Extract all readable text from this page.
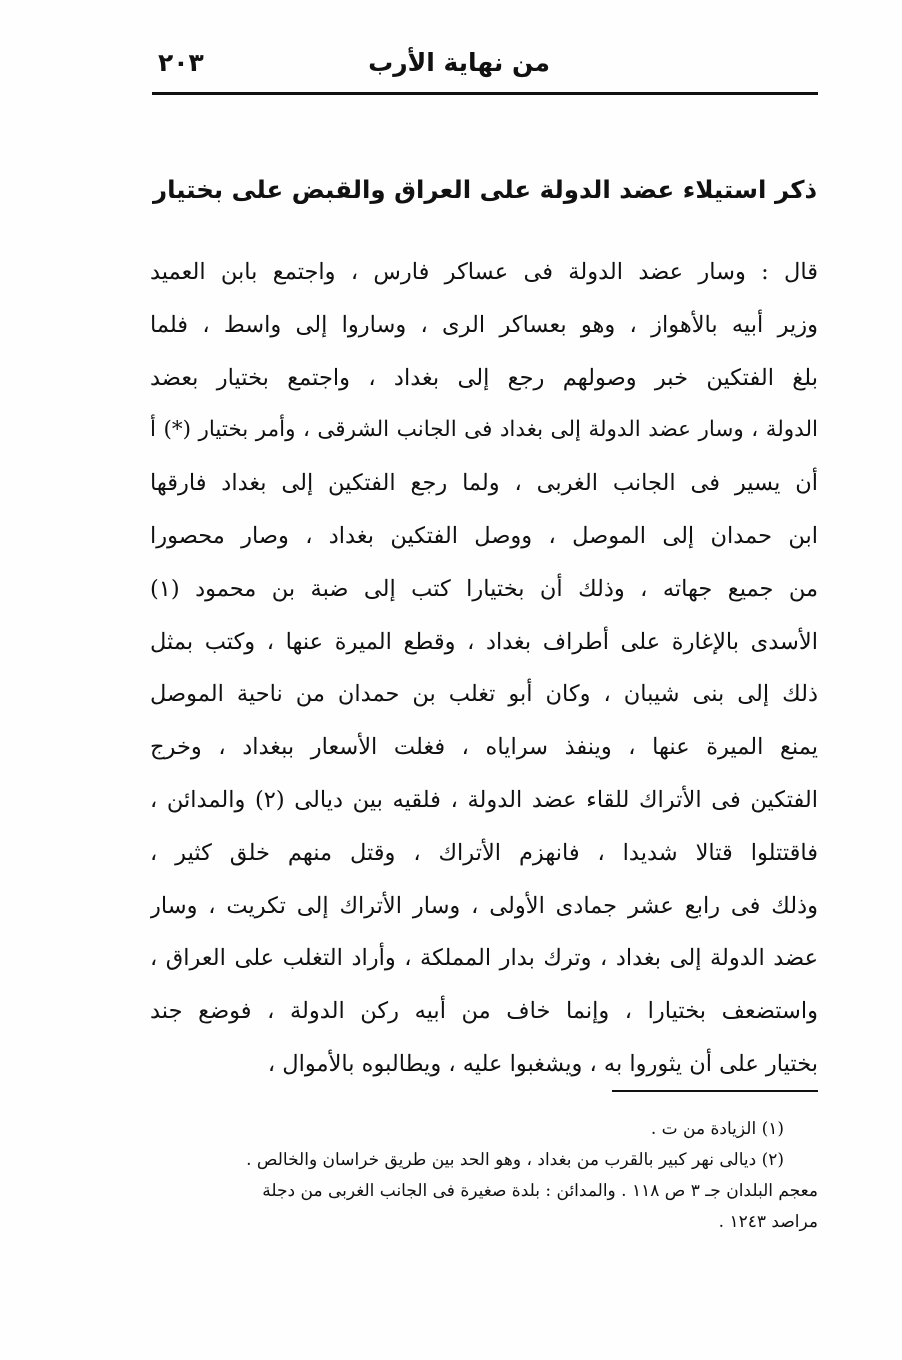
من نهاية الأرب
٢٠٣
ذكر استيلاء عضد الدولة على العراق والقبض على بختيار
قال : وسار عضد الدولة فى عساكر فارس ، واجتمع بابن العميد
وزير أبيه بالأهواز ، وهو بعساكر الرى ، وساروا إلى واسط ، فلما
بلغ الفتكين خبر وصولهم رجع إلى بغداد ، واجتمع بختيار بعضد
الدولة ، وسار عضد الدولة إلى بغداد فى الجانب الشرقى ، وأمر بختيار (*) أ
أن يسير فى الجانب الغربى ، ولما رجع الفتكين إلى بغداد فارقها
ابن حمدان إلى الموصل ، ووصل الفتكين بغداد ، وصار محصورا
من جميع جهاته ، وذلك أن بختيارا كتب إلى ضبة بن محمود (١)
الأسدى بالإغارة على أطراف بغداد ، وقطع الميرة عنها ، وكتب بمثل
ذلك إلى بنى شيبان ، وكان أبو تغلب بن حمدان من ناحية الموصل
يمنع الميرة عنها ، وينفذ سراياه ، فغلت الأسعار ببغداد ، وخرج
الفتكين فى الأتراك للقاء عضد الدولة ، فلقيه بين ديالى (٢) والمدائن ،
فاقتتلوا قتالا شديدا ، فانهزم الأتراك ، وقتل منهم خلق كثير ،
وذلك فى رابع عشر جمادى الأولى ، وسار الأتراك إلى تكريت ، وسار
عضد الدولة إلى بغداد ، وترك بدار المملكة ، وأراد التغلب على العراق ،
واستضعف بختيارا ، وإنما خاف من أبيه ركن الدولة ، فوضع جند
بختيار على أن يثوروا به ، ويشغبوا عليه ، ويطالبوه بالأموال ،
(١) الزيادة من ت .
(٢) ديالى نهر كبير بالقرب من بغداد ، وهو الحد بين طريق خراسان والخالص .
معجم البلدان جـ ٣ ص ١١٨ . والمدائن : بلدة صغيرة فى الجانب الغربى من دجلة
مراصد ١٢٤٣ .
